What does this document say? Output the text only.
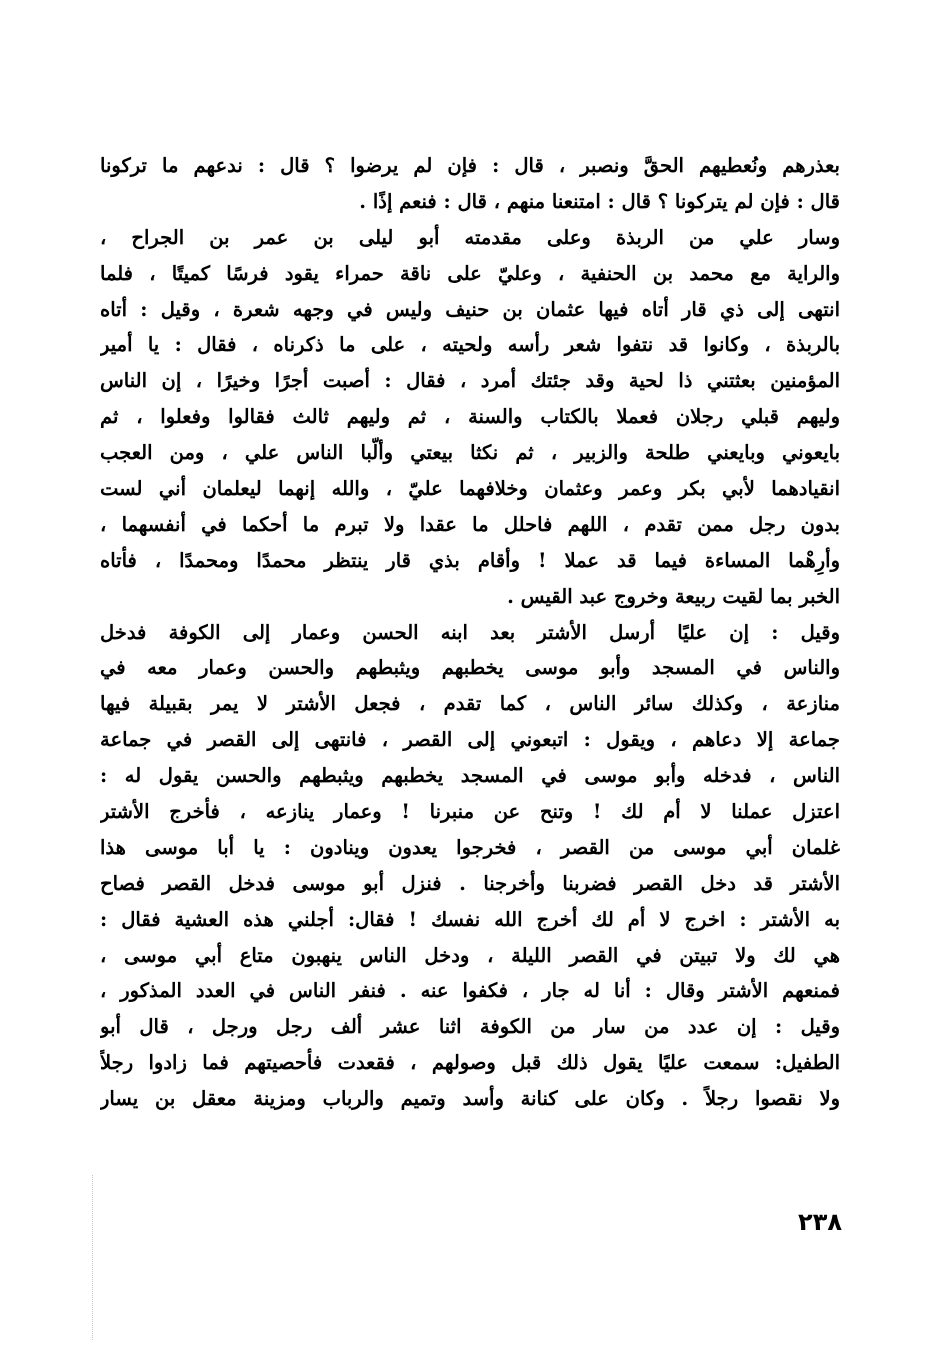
بعذرهم ونُعطيهم الحقَّ ونصبر ، قال : فإن لم يرضوا ؟ قال : ندعهم ما تركونا
قال : فإن لم يتركونا ؟ قال : امتنعنا منهم ، قال : فنعم إذًا .
وسار علي من الربذة وعلى مقدمته أبو ليلى بن عمر بن الجراح ،
والراية مع محمد بن الحنفية ، وعليّ على ناقة حمراء يقود فرسًا كميتًا ، فلما
انتهى إلى ذي قار أتاه فيها عثمان بن حنيف وليس في وجهه شعرة ، وقيل : أتاه
بالربذة ، وكانوا قد نتفوا شعر رأسه ولحيته ، على ما ذكرناه ، فقال : يا أمير
المؤمنين بعثتني ذا لحية وقد جئتك أمرد ، فقال : أصبت أجرًا وخيرًا ، إن الناس
وليهم قبلي رجلان فعملا بالكتاب والسنة ، ثم وليهم ثالث فقالوا وفعلوا ، ثم
بايعوني وبايعني طلحة والزبير ، ثم نكثا بيعتي وألّبا الناس علي ، ومن العجب
انقيادهما لأبي بكر وعمر وعثمان وخلافهما عليّ ، والله إنهما ليعلمان أني لست
بدون رجل ممن تقدم ، اللهم فاحلل ما عقدا ولا تبرم ما أحكما في أنفسهما ،
وأرِهْما المساءة فيما قد عملا ! وأقام بذي قار ينتظر محمدًا ومحمدًا ، فأتاه
الخبر بما لقيت ربيعة وخروج عبد القيس .
وقيل : إن عليًا أرسل الأشتر بعد ابنه الحسن وعمار إلى الكوفة فدخل
والناس في المسجد وأبو موسى يخطبهم ويثبطهم والحسن وعمار معه في
منازعة ، وكذلك سائر الناس ، كما تقدم ، فجعل الأشتر لا يمر بقبيلة فيها
جماعة إلا دعاهم ، ويقول : اتبعوني إلى القصر ، فانتهى إلى القصر في جماعة
الناس ، فدخله وأبو موسى في المسجد يخطبهم ويثبطهم والحسن يقول له :
اعتزل عملنا لا أم لك ! وتنح عن منبرنا ! وعمار ينازعه ، فأخرج الأشتر
غلمان أبي موسى من القصر ، فخرجوا يعدون وينادون : يا أبا موسى هذا
الأشتر قد دخل القصر فضربنا وأخرجنا . فنزل أبو موسى فدخل القصر فصاح
به الأشتر : اخرج لا أم لك أخرج الله نفسك ! فقال: أجلني هذه العشية فقال :
هي لك ولا تبيتن في القصر الليلة ، ودخل الناس ينهبون متاع أبي موسى ،
فمنعهم الأشتر وقال : أنا له جار ، فكفوا عنه . فنفر الناس في العدد المذكور ،
وقيل : إن عدد من سار من الكوفة اثنا عشر ألف رجل ورجل ، قال أبو
الطفيل: سمعت عليًا يقول ذلك قبل وصولهم ، فقعدت فأحصيتهم فما زادوا رجلاً
ولا نقصوا رجلاً . وكان على كنانة وأسد وتميم والرباب ومزينة معقل بن يسار
٢٣٨
